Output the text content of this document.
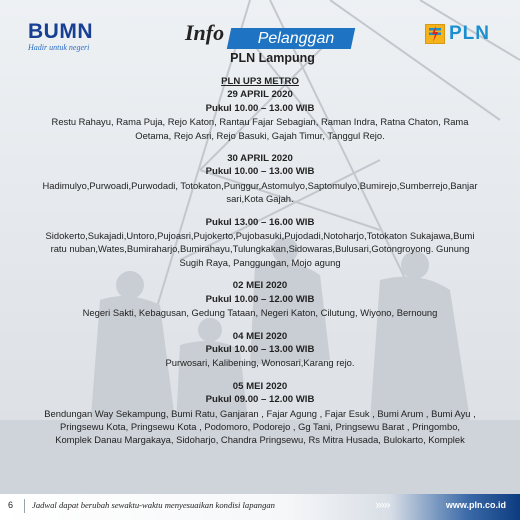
BUMN
Hadir untuk negeri
Info	Pelanggan
PLN Lampung
PLN
PLN UP3 METRO
29 APRIL 2020
Pukul 10.00 – 13.00 WIB
Restu Rahayu, Rama Puja, Rejo Katon, Rantau Fajar Sebagian, Raman Indra, Ratna Chaton, Rama
Oetama, Rejo Asri, Rejo Basuki, Gajah Timur, Tanggul Rejo.
30 APRIL 2020
Pukul 10.00 – 13.00 WIB
Hadimulyo,Purwoadi,Purwodadi, Totokaton,Punggur,Astomulyo,Saptomulyo,Bumirejo,Sumberrejo,Banjar
sari,Kota Gajah.
Pukul 13.00 – 16.00 WIB
Sidokerto,Sukajadi,Untoro,Pujoasri,Pujokerto,Pujobasuki,Pujodadi,Notoharjo,Totokaton Sukajawa,Bumi
ratu nuban,Wates,Bumiraharjo,Bumirahayu,Tulungkakan,Sidowaras,Bulusari,Gotongroyong. Gunung
Sugih Raya, Panggungan, Mojo agung
02 MEI 2020
Pukul 10.00 – 12.00 WIB
Negeri Sakti, Kebagusan, Gedung Tataan, Negeri Katon, Cilutung, Wiyono, Bernoung
04 MEI 2020
Pukul 10.00 – 13.00 WIB
Purwosari, Kalibening, Wonosari,Karang rejo.
05 MEI 2020
Pukul 09.00 – 12.00 WIB
Bendungan Way Sekampung, Bumi Ratu, Ganjaran , Fajar Agung , Fajar Esuk , Bumi Arum , Bumi Ayu ,
Pringsewu Kota, Pringsewu Kota , Podomoro, Podorejo , Gg Tani, Pringsewu Barat , Pringombo,
Komplek Danau Margakaya, Sidoharjo, Chandra Pringsewu, Rs Mitra Husada, Bulokarto, Komplek
6 Jadwal dapat berubah sewaktu-waktu menyesuaikan kondisi lapangan	›››››	www.pln.co.id
